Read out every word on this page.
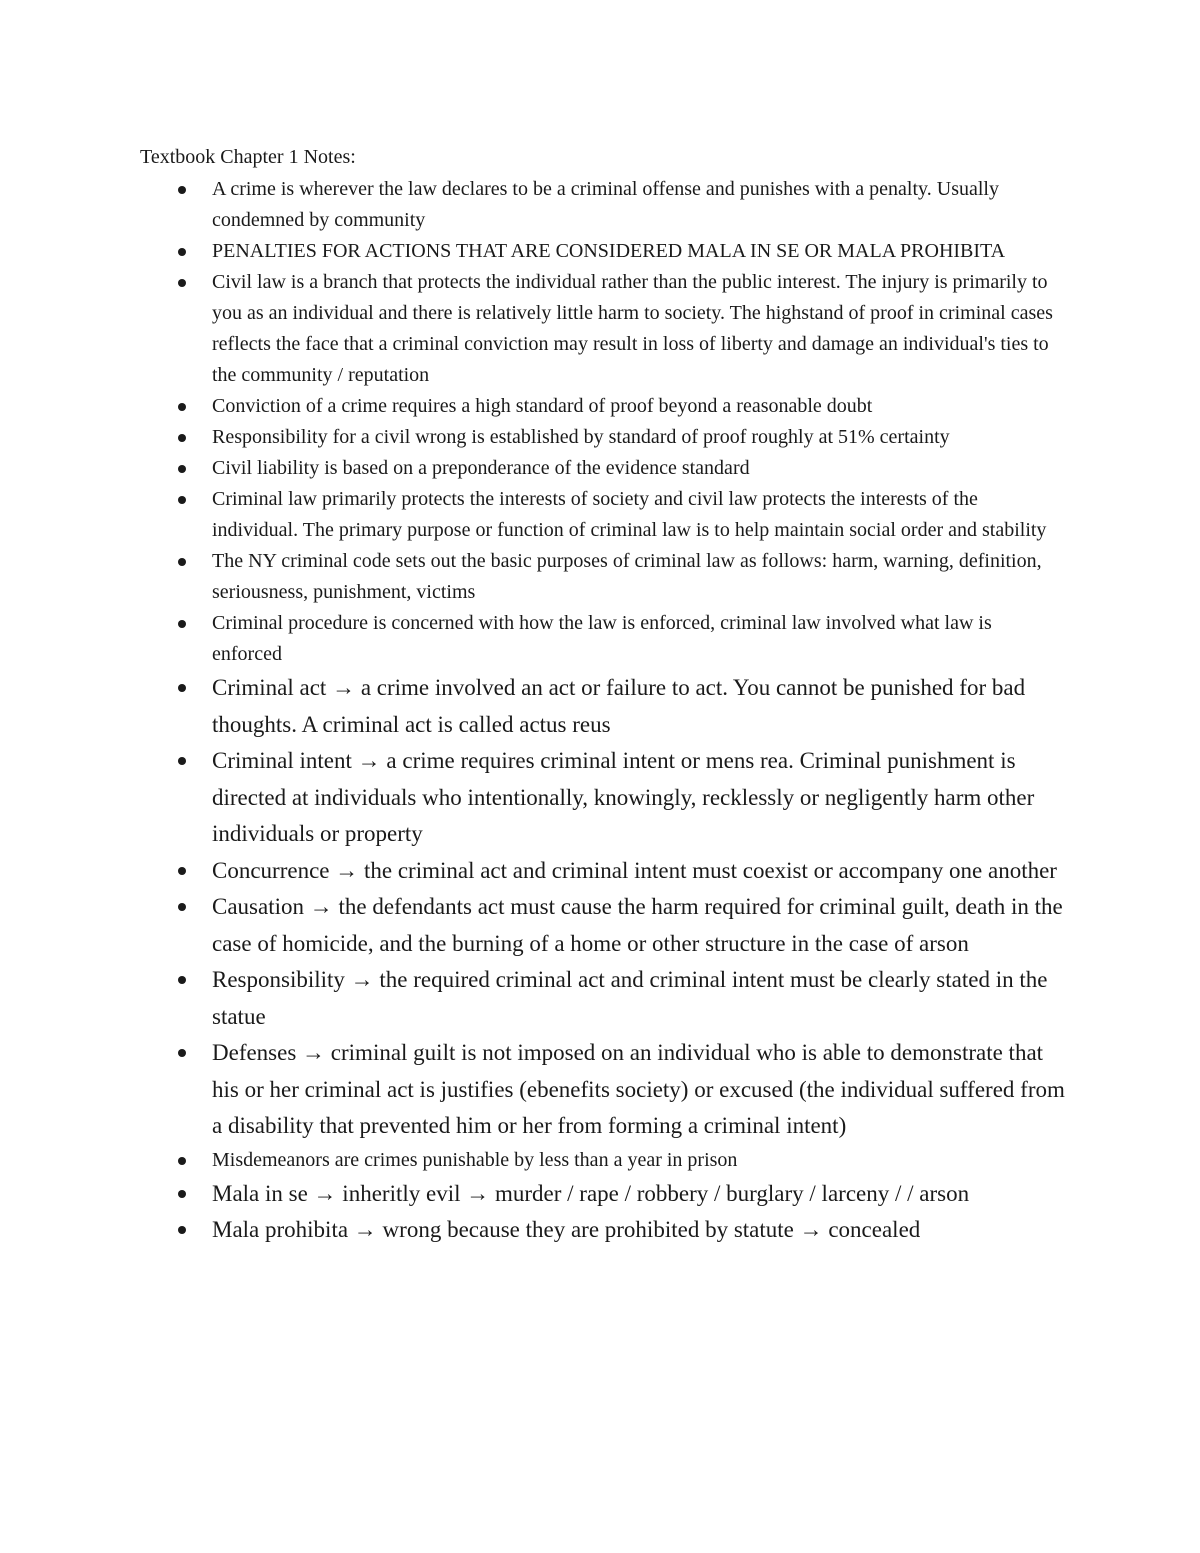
Textbook Chapter 1 Notes:
A crime is wherever the law declares to be a criminal offense and punishes with a penalty. Usually condemned by community
PENALTIES FOR ACTIONS THAT ARE CONSIDERED MALA IN SE OR MALA PROHIBITA
Civil law is a branch that protects the individual rather than the public interest. The injury is primarily to you as an individual and there is relatively little harm to society. The highstand of proof in criminal cases reflects the face that a criminal conviction may result in loss of liberty and damage an individual's ties to the community / reputation
Conviction of a crime requires a high standard of proof beyond a reasonable doubt
Responsibility for a civil wrong is established by standard of proof roughly at 51% certainty
Civil liability is based on a preponderance of the evidence standard
Criminal law primarily protects the interests of society and civil law protects the interests of the individual. The primary purpose or function of criminal law is to help maintain social order and stability
The NY criminal code sets out the basic purposes of criminal law as follows: harm, warning, definition, seriousness, punishment, victims
Criminal procedure is concerned with how the law is enforced, criminal law involved what law is enforced
Criminal act → a crime involved an act or failure to act. You cannot be punished for bad thoughts. A criminal act is called actus reus
Criminal intent → a crime requires criminal intent or mens rea. Criminal punishment is directed at individuals who intentionally, knowingly, recklessly or negligently harm other individuals or property
Concurrence → the criminal act and criminal intent must coexist or accompany one another
Causation → the defendants act must cause the harm required for criminal guilt, death in the case of homicide, and the burning of a home or other structure in the case of arson
Responsibility → the required criminal act and criminal intent must be clearly stated in the statue
Defenses → criminal guilt is not imposed on an individual who is able to demonstrate that his or her criminal act is justifies (ebenefits society) or excused (the individual suffered from a disability that prevented him or her from forming a criminal intent)
Misdemeanors are crimes punishable by less than a year in prison
Mala in se → inheritly evil → murder / rape / robbery / burglary / larceny / / arson
Mala prohibita → wrong because they are prohibited by statute → concealed
